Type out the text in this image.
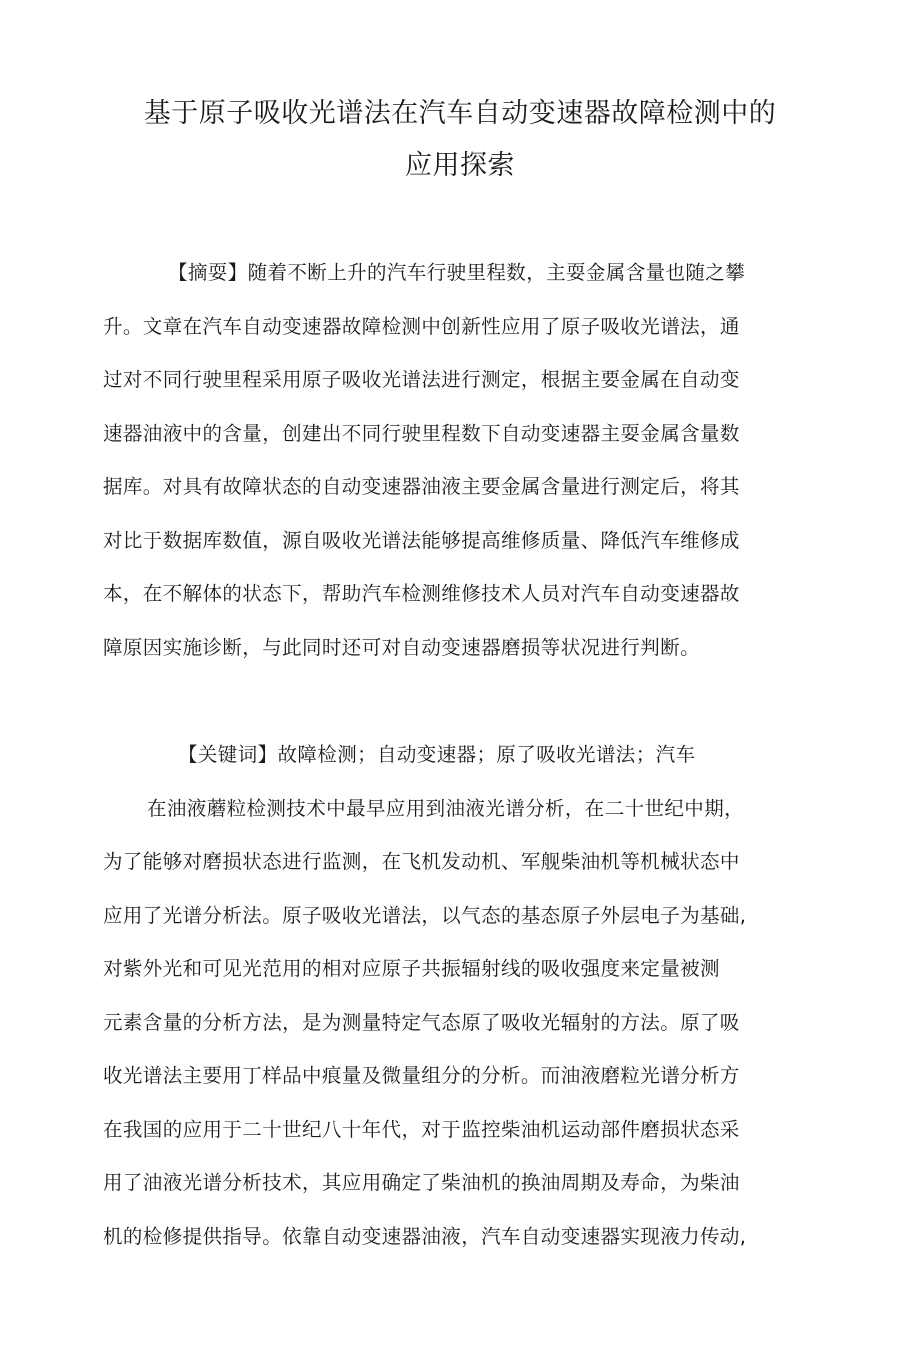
基于原子吸收光谱法在汽车自动变速器故障检测中的
应用探索
【摘耍】随着不断上升的汽车行驶里程数，主耍金属含量也随之攀
升。文章在汽车自动变速器故障检测中创新性应用了原子吸收光谱法，通
过对不同行驶里程采用原子吸收光谱法进行测定，根据主要金属在自动变
速器油液中的含量，创建出不同行驶里程数下自动变速器主耍金属含量数
据库。对具有故障状态的自动变速器油液主要金属含量进行测定后，将其
对比于数据库数值，源自吸收光谱法能够提高维修质量、降低汽车维修成
本，在不解体的状态下，帮助汽车检测维修技术人员对汽车自动变速器故
障原因实施诊断，与此同时还可对自动变速器磨损等状况进行判断。
【关键词】故障检测；自动变速器；原了吸收光谱法；汽车
在油液蘑粒检测技术中最早应用到油液光谱分析，在二十世纪中期，
为了能够对磨损状态进行监测，在飞机发动机、军舰柴油机等机械状态中
应用了光谱分析法。原子吸收光谱法，以气态的基态原子外层电子为基础,
对紫外光和可见光范用的相对应原子共振辐射线的吸收强度来定量被测
元素含量的分析方法，是为测量特定气态原了吸收光辐射的方法。原了吸
收光谱法主要用丁样品中痕量及微量组分的分析。而油液磨粒光谱分析方
在我国的应用于二十世纪八十年代，对于监控柴油机运动部件磨损状态采
用了油液光谱分析技术，其应用确定了柴油机的换油周期及寿命，为柴油
机的检修提供指导。依靠自动变速器油液，汽车自动变速器实现液力传动,
